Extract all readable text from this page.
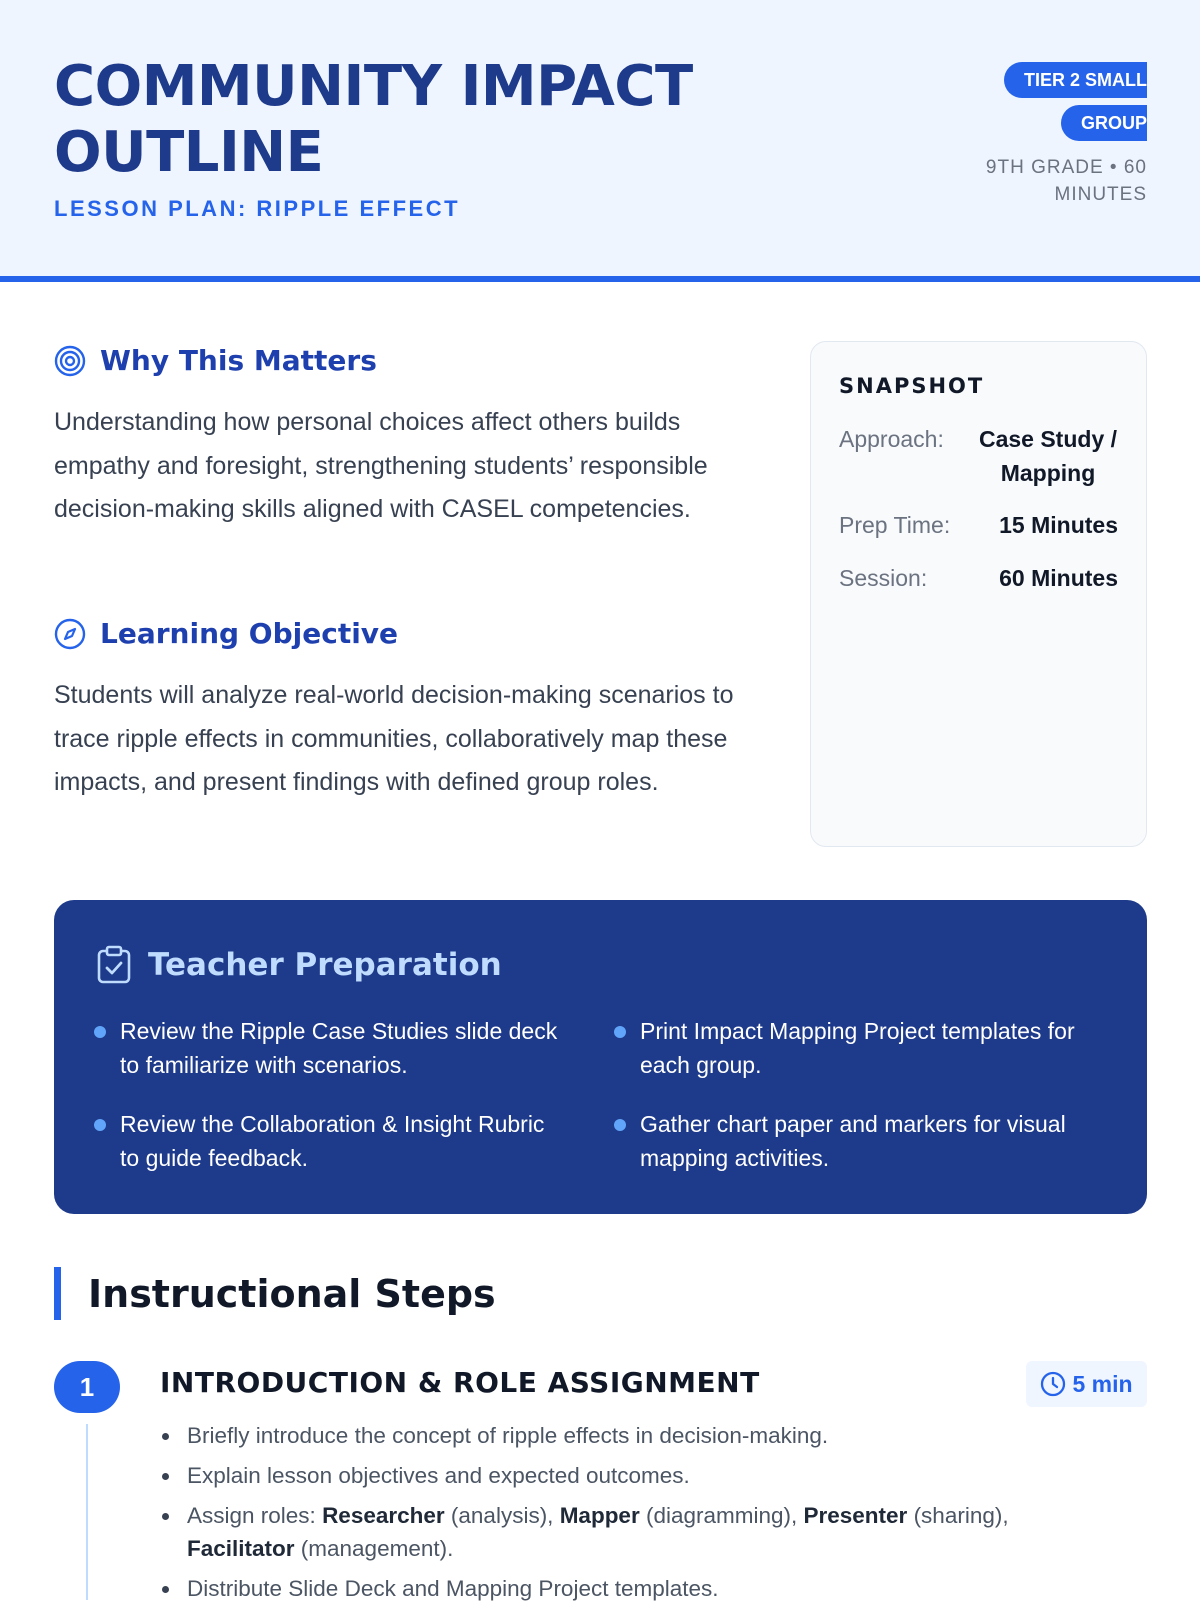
COMMUNITY IMPACT
OUTLINE
LESSON PLAN: RIPPLE EFFECT
TIER 2 SMALL GROUP
9TH GRADE • 60 MINUTES
Why This Matters

Understanding how personal choices affect others builds empathy and foresight, strengthening students’ responsible decision-making skills aligned with CASEL competencies.

Learning Objective

Students will analyze real-world decision-making scenarios to trace ripple effects in communities, collaboratively map these impacts, and present findings with defined group roles.

SNAPSHOT
Approach: Case Study / Mapping
Prep Time: 15 Minutes
Session:	60 Minutes
Teacher Preparation
Review the Ripple Case Studies slide deck to familiarize with scenarios.
Print Impact Mapping Project templates for each group.
Review the Collaboration & Insight Rubric to guide feedback.
Gather chart paper and markers for visual mapping activities.
Instructional Steps
1	INTRODUCTION & ROLE ASSIGNMENT	5 min
Briefly introduce the concept of ripple effects in decision-making.
Explain lesson objectives and expected outcomes.
Assign roles: Researcher (analysis), Mapper (diagramming), Presenter (sharing), Facilitator (management).
Distribute Slide Deck and Mapping Project templates.
